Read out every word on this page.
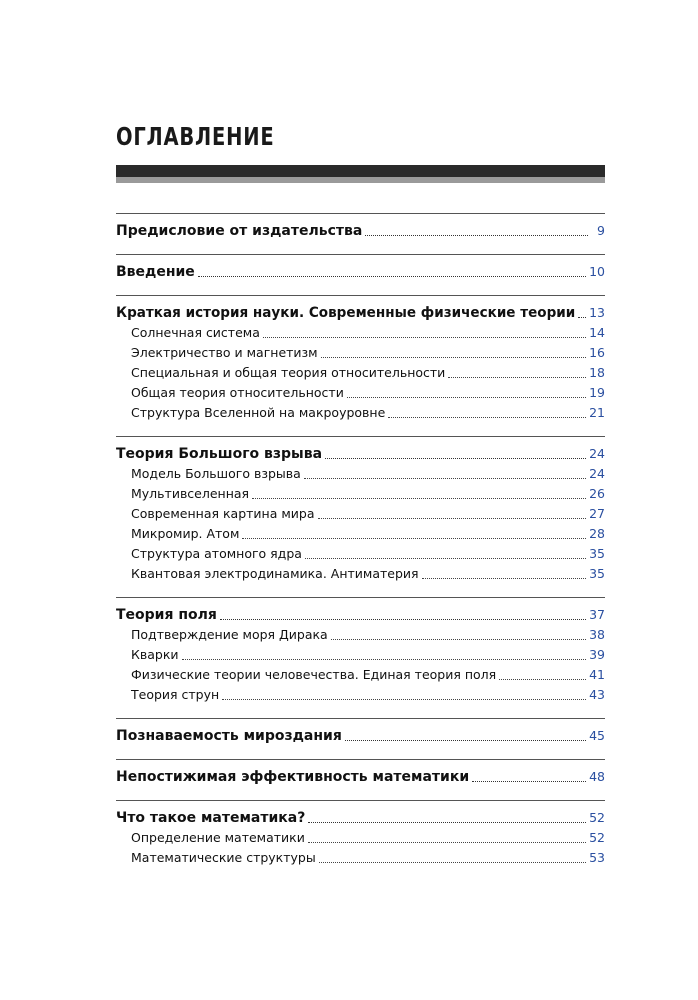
ОГЛАВЛЕНИЕ
Предисловие от издательства	9
Введение	10
Краткая история науки. Современные физические теории 13
Солнечная система	14
Электричество и магнетизм	16
Специальная и общая теория относительности	18
Общая теория относительности	19
Структура Вселенной на макроуровне	21
Теория Большого взрыва	24
Модель Большого взрыва	24
Мультивселенная	26
Современная картина мира	27
Микромир. Атом	28
Структура атомного ядра	35
Квантовая электродинамика. Антиматерия	35
Теория поля	37
Подтверждение моря Дирака	38
Кварки	39
Физические теории человечества. Единая теория поля	41
Теория струн	43
Познаваемость мироздания	45
Непостижимая эффективность математики	48
Что такое математика?	52
Определение математики	52
Математические структуры	53
